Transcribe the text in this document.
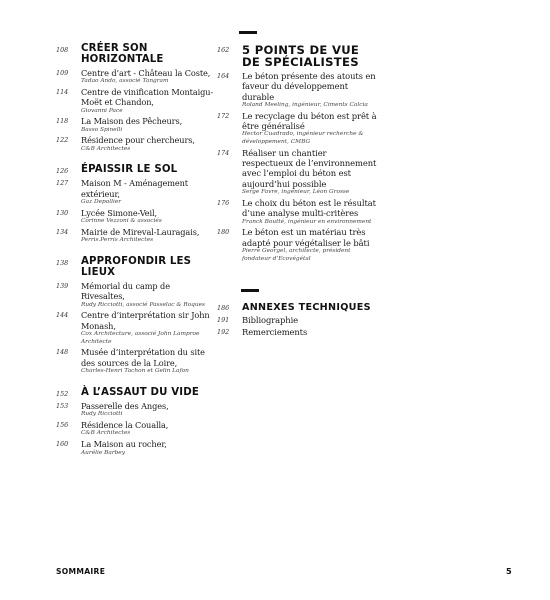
108	CRÉER SON HORIZONTALE
109	Centre d’art - Château la Coste,
Tadao Ando, associé Tangram
114	Centre de vinification Montaigu-Moët et Chandon,
Giovanni Pace
118	La Maison des Pêcheurs,
Basso Spinelli
122	Résidence pour chercheurs,
C&B Architectes
126	ÉPAISSIR LE SOL
127	Maison M - Aménagement extérieur,
Gaz Depollier
130	Lycée Simone-Veil,
Corinne Vezzoni & associés
134	Mairie de Mireval-Lauragais,
Perris.Perris Architectes
138	APPROFONDIR LES LIEUX
139	Mémorial du camp de Rivesaltes,
Rudy Ricciotti, associé Passelac & Roques
144	Centre d’interprétation sir John Monash,
Cox Architecture, associé John Lamproe Architecte
148	Musée d’interprétation du site des sources de la Loire,
Charles-Henri Tachon et Gelin Lafon
152	À L’ASSAUT DU VIDE
153	Passerelle des Anges,
Rudy Ricciotti
156	Résidence la Coualla,
C&B Architectes
160	La Maison au rocher,
Aurélie Barbey
162	5 POINTS DE VUE DE SPÉCIALISTES
164	Le béton présente des atouts en faveur du développement durable
Roland Meeling, ingénieur, Ciments Calcia
172	Le recyclage du béton est prêt à être généralisé
Hector Cuadrado, ingénieur recherche & développement, CMBG
174	Réaliser un chantier respectueux de l’environnement avec l’emploi du béton est aujourd’hui possible
Serge Favre, ingénieur, Léon Grosse
176	Le choix du béton est le résultat d’une analyse multi-critères
Franck Boutté, ingénieur en environnement
180	Le béton est un matériau très adapté pour végétaliser le bâti
Pierre Georgel, architecte, président fondateur d’Ecovégétal
186	ANNEXES TECHNIQUES
191	Bibliographie
192	Remerciements
SOMMAIRE	5
